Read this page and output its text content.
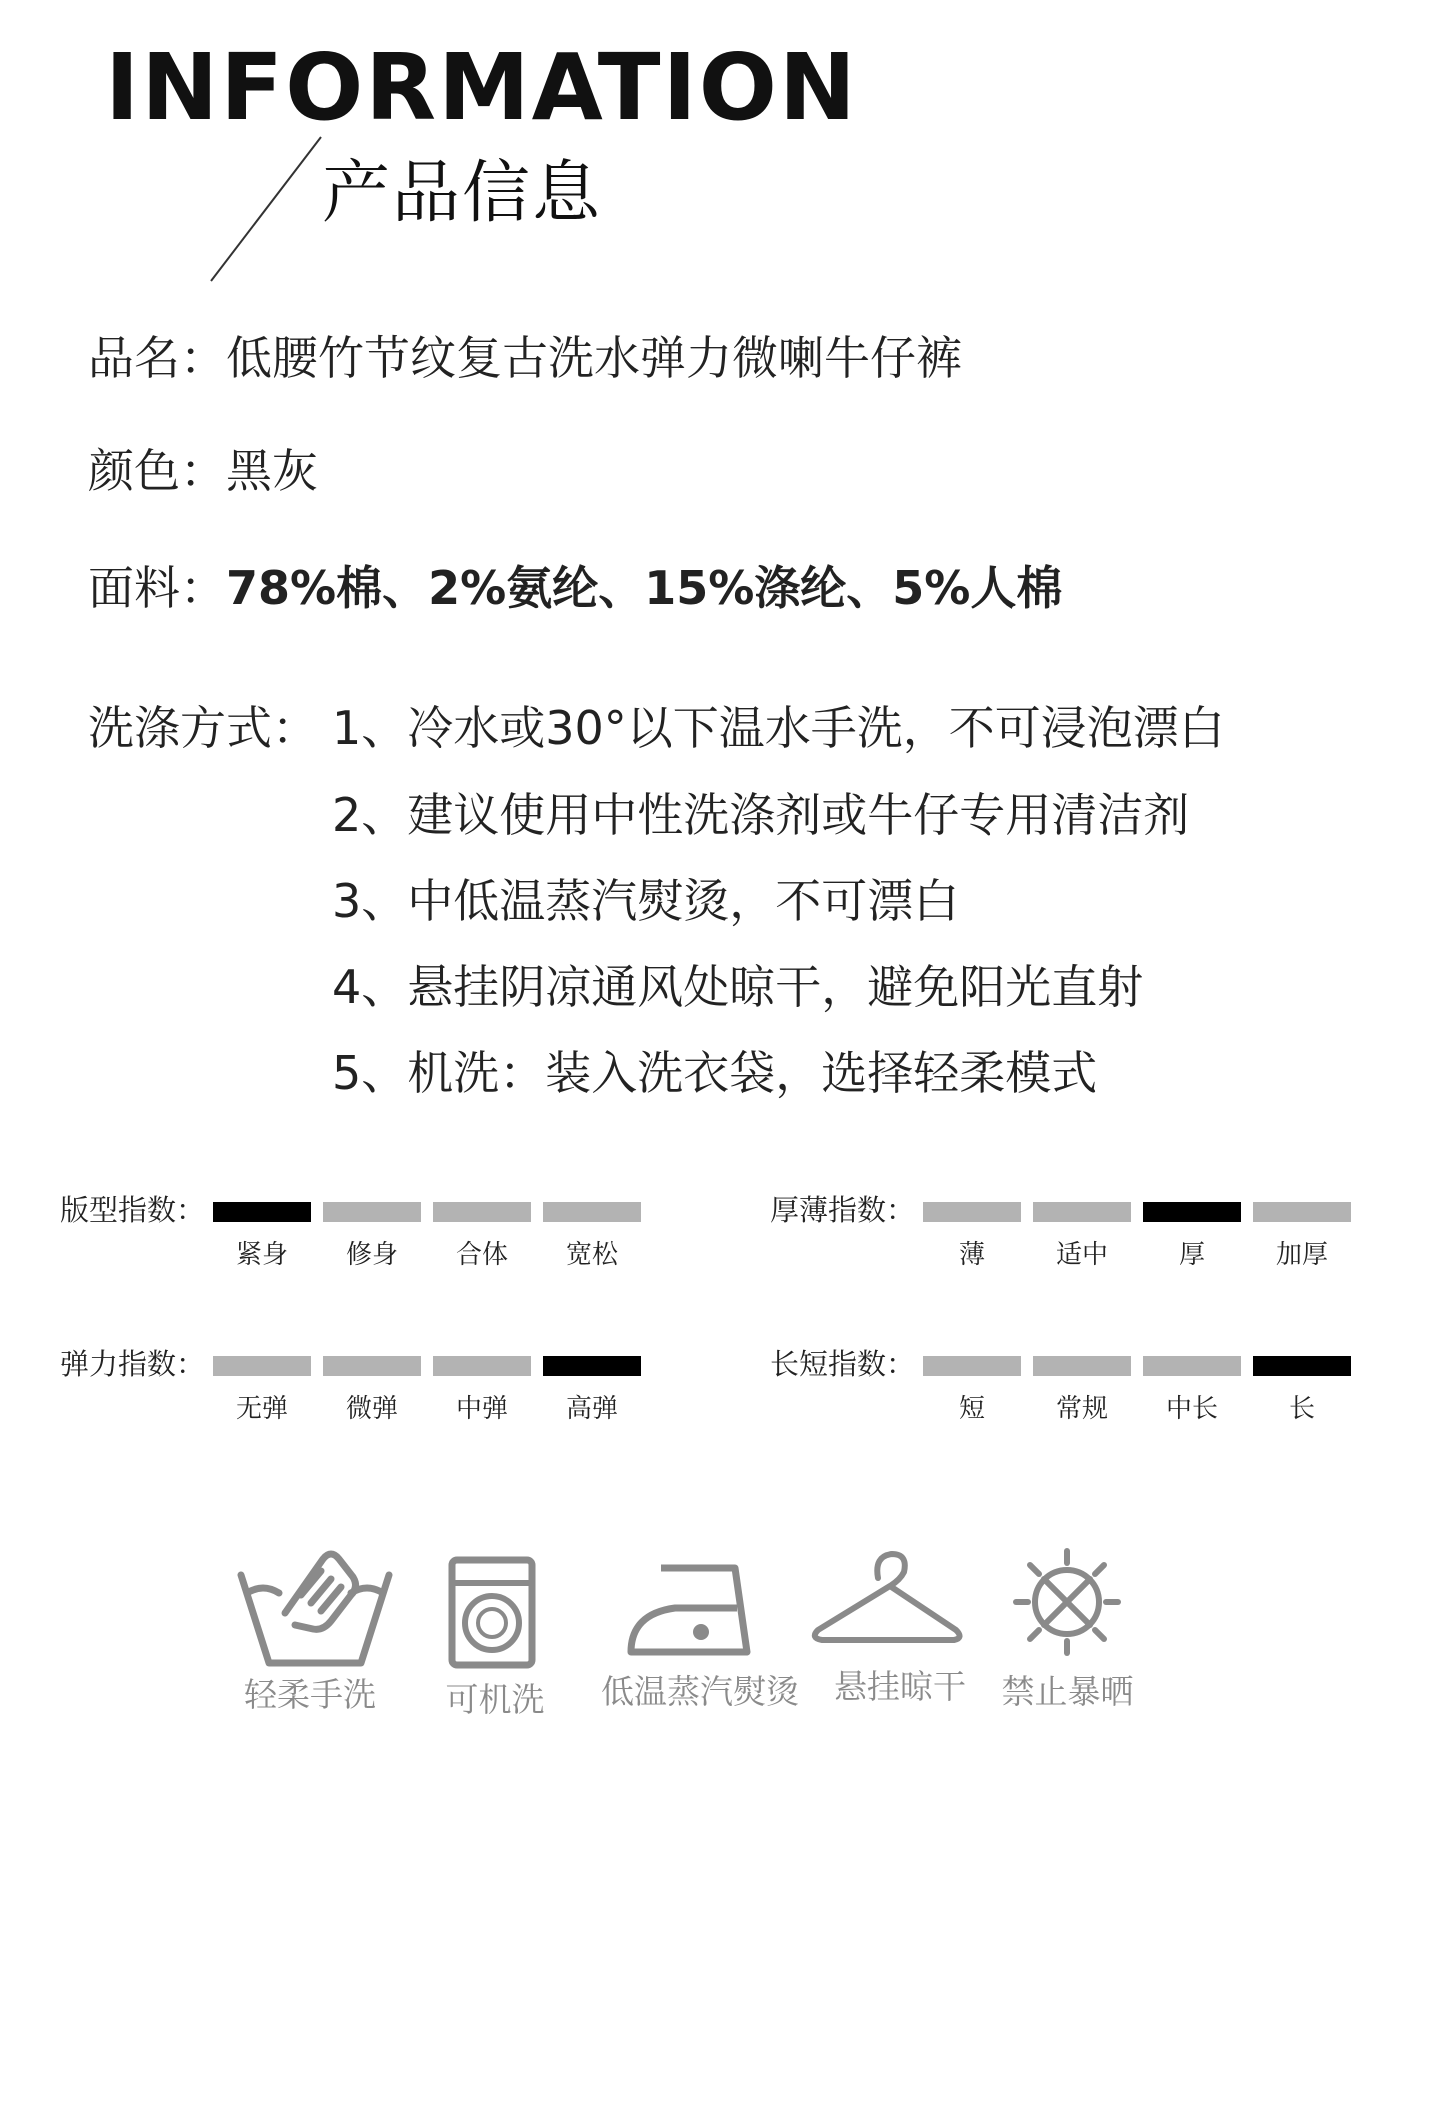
INFORMATION
产品信息
品名：低腰竹节纹复古洗水弹力微喇牛仔裤
颜色：黑灰
面料：78%棉、2%氨纶、15%涤纶、5%人棉
洗涤方式： 1、冷水或30°以下温水手洗，不可浸泡漂白
2、建议使用中性洗涤剂或牛仔专用清洁剂
3、中低温蒸汽熨烫，不可漂白
4、悬挂阴凉通风处晾干，避免阳光直射
5、机洗：装入洗衣袋，选择轻柔模式
版型指数：
紧身	修身	合体	宽松
厚薄指数：
薄	适中	厚	加厚
弹力指数：
无弹	微弹	中弹	高弹
长短指数：
短	常规	中长	长
轻柔手洗	可机洗	低温蒸汽熨烫	悬挂晾干	禁止暴晒
